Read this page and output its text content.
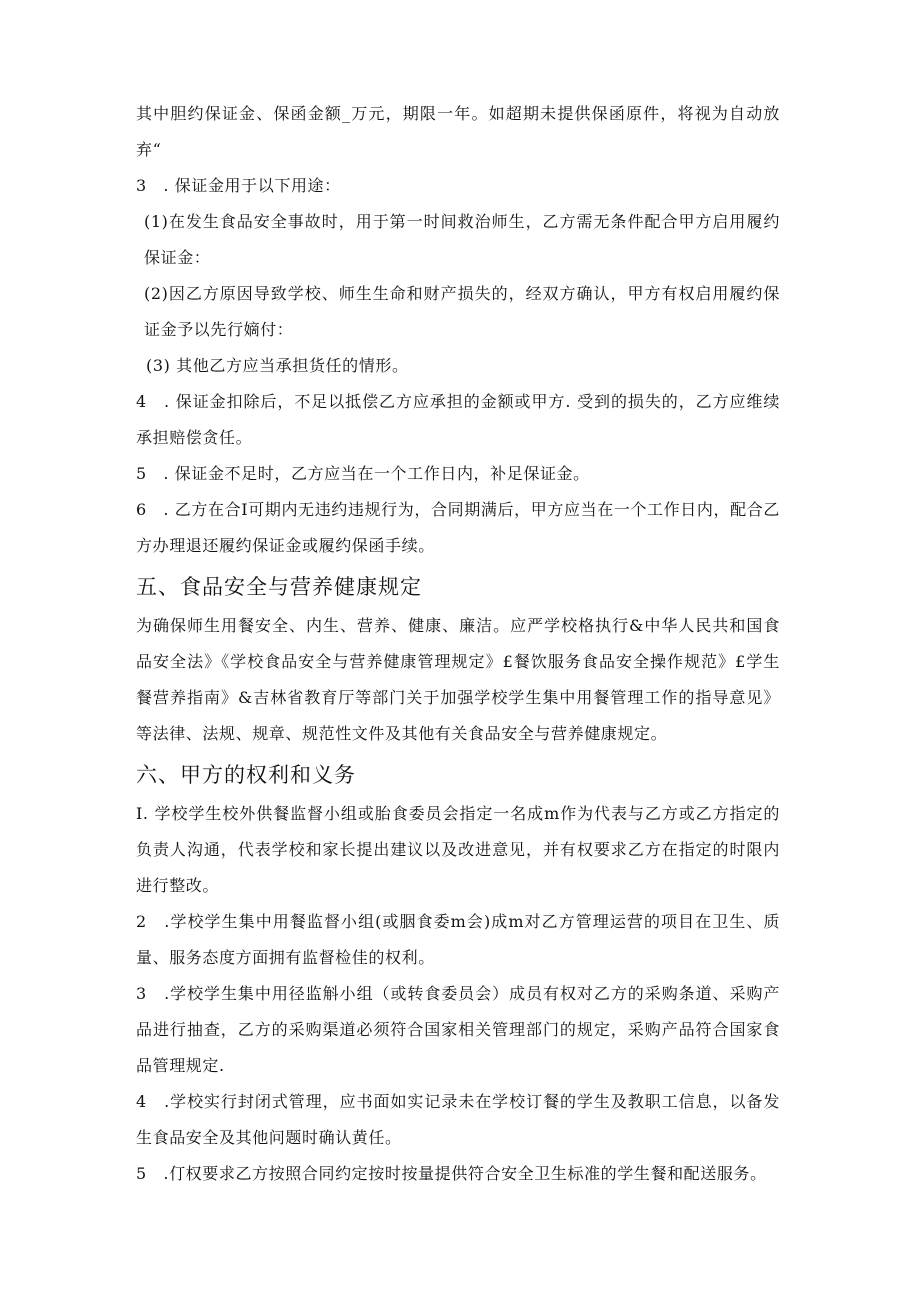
其中胆约保证金、保函金额_万元，期限一年。如超期未提供保函原件，将视为自动放弃“

3　. 保证金用于以下用途：

(1)在发生食品安全事故时，用于第一时间救治师生，乙方需无条件配合甲方启用履约保证金：

(2)因乙方原因导致学校、师生生命和财产损失的，经双方确认，甲方有权启用履约保证金予以先行嫡付：

(3) 其他乙方应当承担货任的情形。

4　. 保证金扣除后，不足以抵偿乙方应承担的金额或甲方. 受到的损失的，乙方应维续承担赔偿贪任。

5　. 保证金不足时，乙方应当在一个工作日内，补足保证金。

6　. 乙方在合I可期内无违约违规行为，合同期满后，甲方应当在一个工作日内，配合乙方办理退还履约保证金或履约保函手续。

五、食品安全与营养健康规定

为确保师生用餐安全、内生、营养、健康、廉洁。应严学校格执行&中华人民共和国食品安全法》《学校食品安全与营养健康管理规定》£餐饮服务食品安全操作规范》£学生餐营养指南》&吉林省教育厅等部门关于加强学校学生集中用餐管理工作的指导意见》等法律、法规、规章、规范性文件及其他有关食品安全与营养健康规定。

六、甲方的权利和义务

I. 学校学生校外供餐监督小组或胎食委员会指定一名成m作为代表与乙方或乙方指定的负责人沟通，代表学校和家长提出建议以及改进意见，并有权要求乙方在指定的时限内进行整改。

2　.学校学生集中用餐监督小组(或胭食委m会)成m对乙方管理运营的项目在卫生、质量、服务态度方面拥有监督检佳的权利。

3　.学校学生集中用径监斛小组（或转食委员会）成员有权对乙方的采购条道、采购产品进行抽查，乙方的采购渠道必须符合国家相关管理部门的规定，采购产品符合国家食品管理规定.

4　.学校实行封闭式管理，应书面如实记录未在学校订餐的学生及教职工信息，以备发生食品安全及其他问题时确认黄任。

5　.仃权要求乙方按照合同约定按时按量提供符合安全卫生标准的学生餐和配送服务。
